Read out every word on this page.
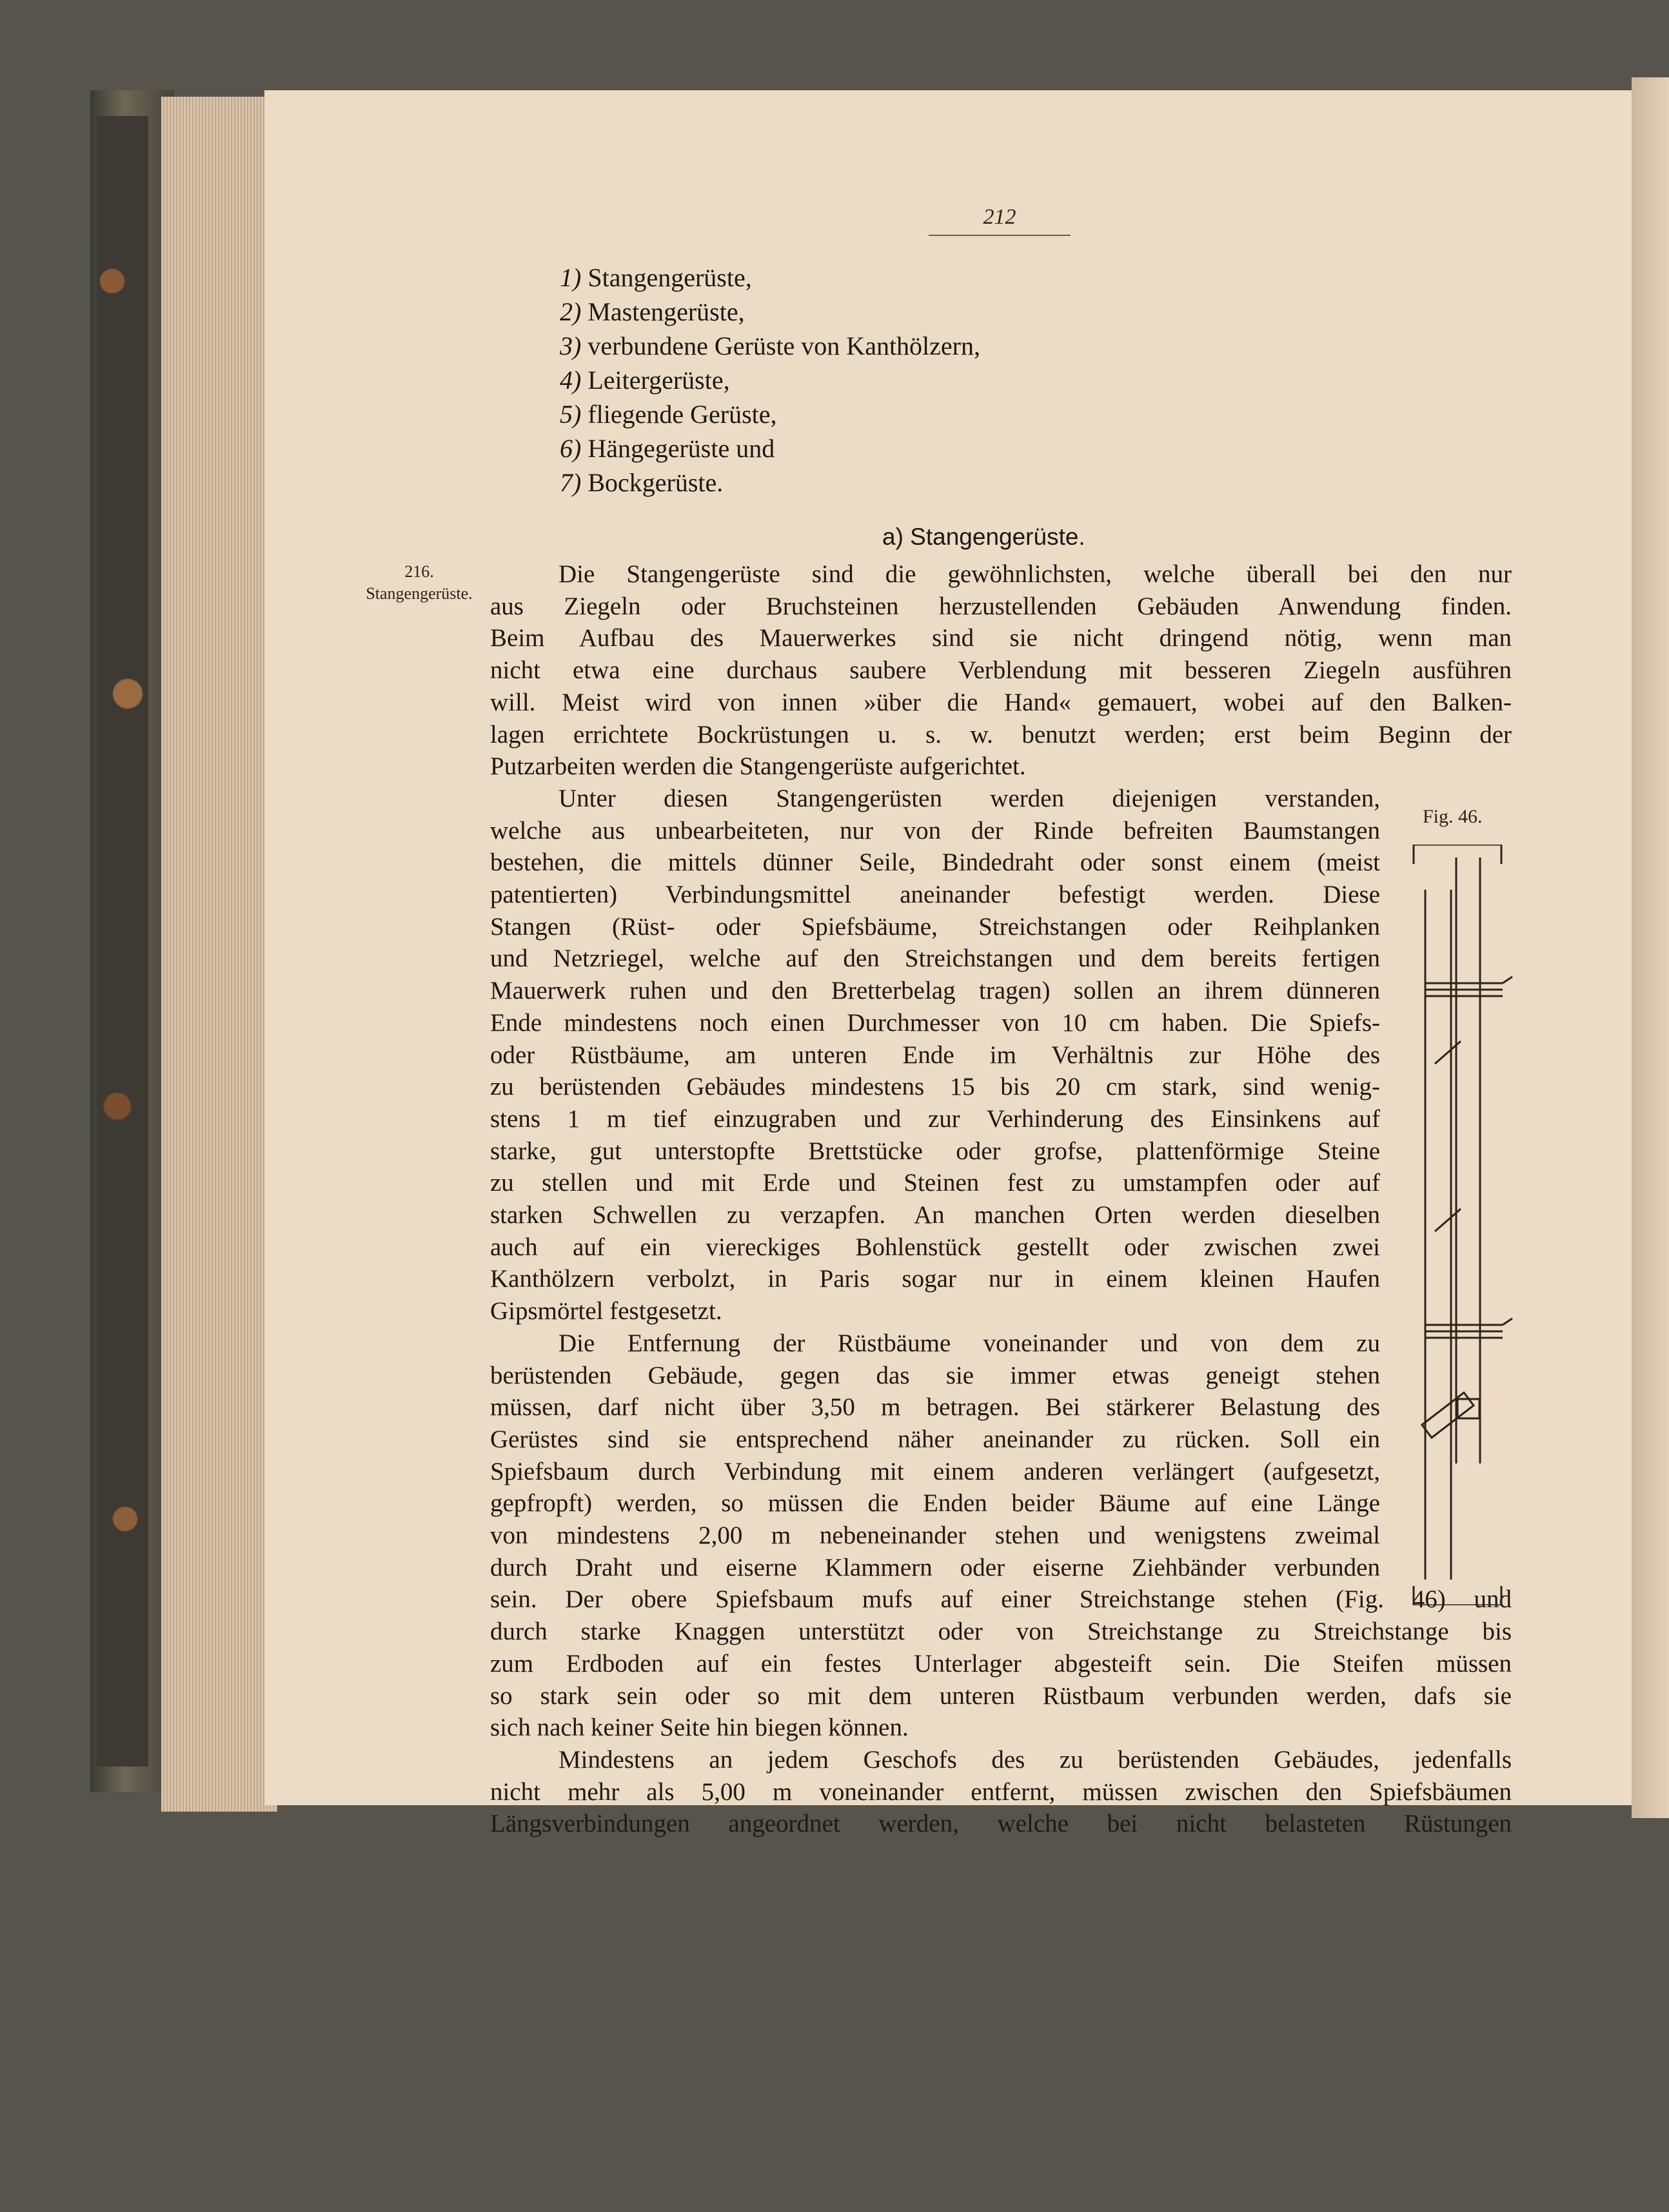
212
1) Stangengerüste,
2) Mastengerüste,
3) verbundene Gerüste von Kanthölzern,
4) Leitergerüste,
5) fliegende Gerüste,
6) Hängegerüste und
7) Bockgerüste.
a) Stangengerüste.
216.
Stangengerüste.
Die Stangengerüste sind die gewöhnlichsten, welche überall bei den nur
aus Ziegeln oder Bruchsteinen herzustellenden Gebäuden Anwendung finden.
Beim Aufbau des Mauerwerkes sind sie nicht dringend nötig, wenn man
nicht etwa eine durchaus saubere Verblendung mit besseren Ziegeln ausführen
will. Meist wird von innen »über die Hand« gemauert, wobei auf den Balken-
lagen errichtete Bockrüstungen u. s. w. benutzt werden; erst beim Beginn der
Putzarbeiten werden die Stangengerüste aufgerichtet.
Unter diesen Stangengerüsten werden diejenigen verstanden,
welche aus unbearbeiteten, nur von der Rinde befreiten Baumstangen
bestehen, die mittels dünner Seile, Bindedraht oder sonst einem (meist
patentierten) Verbindungsmittel aneinander befestigt werden. Diese
Stangen (Rüst- oder Spiefsbäume, Streichstangen oder Reihplanken
und Netzriegel, welche auf den Streichstangen und dem bereits fertigen
Mauerwerk ruhen und den Bretterbelag tragen) sollen an ihrem dünneren
Ende mindestens noch einen Durchmesser von 10 cm haben. Die Spiefs-
oder Rüstbäume, am unteren Ende im Verhältnis zur Höhe des
zu berüstenden Gebäudes mindestens 15 bis 20 cm stark, sind wenig-
stens 1 m tief einzugraben und zur Verhinderung des Einsinkens auf
starke, gut unterstopfte Brettstücke oder grofse, plattenförmige Steine
zu stellen und mit Erde und Steinen fest zu umstampfen oder auf
starken Schwellen zu verzapfen. An manchen Orten werden dieselben
auch auf ein viereckiges Bohlenstück gestellt oder zwischen zwei
Kanthölzern verbolzt, in Paris sogar nur in einem kleinen Haufen
Gipsmörtel festgesetzt.
Die Entfernung der Rüstbäume voneinander und von dem zu
berüstenden Gebäude, gegen das sie immer etwas geneigt stehen
müssen, darf nicht über 3,50 m betragen. Bei stärkerer Belastung des
Gerüstes sind sie entsprechend näher aneinander zu rücken. Soll ein
Spiefsbaum durch Verbindung mit einem anderen verlängert (aufgesetzt,
gepfropft) werden, so müssen die Enden beider Bäume auf eine Länge
von mindestens 2,00 m nebeneinander stehen und wenigstens zweimal
durch Draht und eiserne Klammern oder eiserne Ziehbänder verbunden
sein. Der obere Spiefsbaum mufs auf einer Streichstange stehen (Fig. 46) und
durch starke Knaggen unterstützt oder von Streichstange zu Streichstange bis
zum Erdboden auf ein festes Unterlager abgesteift sein. Die Steifen müssen
so stark sein oder so mit dem unteren Rüstbaum verbunden werden, dafs sie
sich nach keiner Seite hin biegen können.
Mindestens an jedem Geschofs des zu berüstenden Gebäudes, jedenfalls
nicht mehr als 5,00 m voneinander entfernt, müssen zwischen den Spiefsbäumen
Längsverbindungen angeordnet werden, welche bei nicht belasteten Rüstungen
Fig. 46.
